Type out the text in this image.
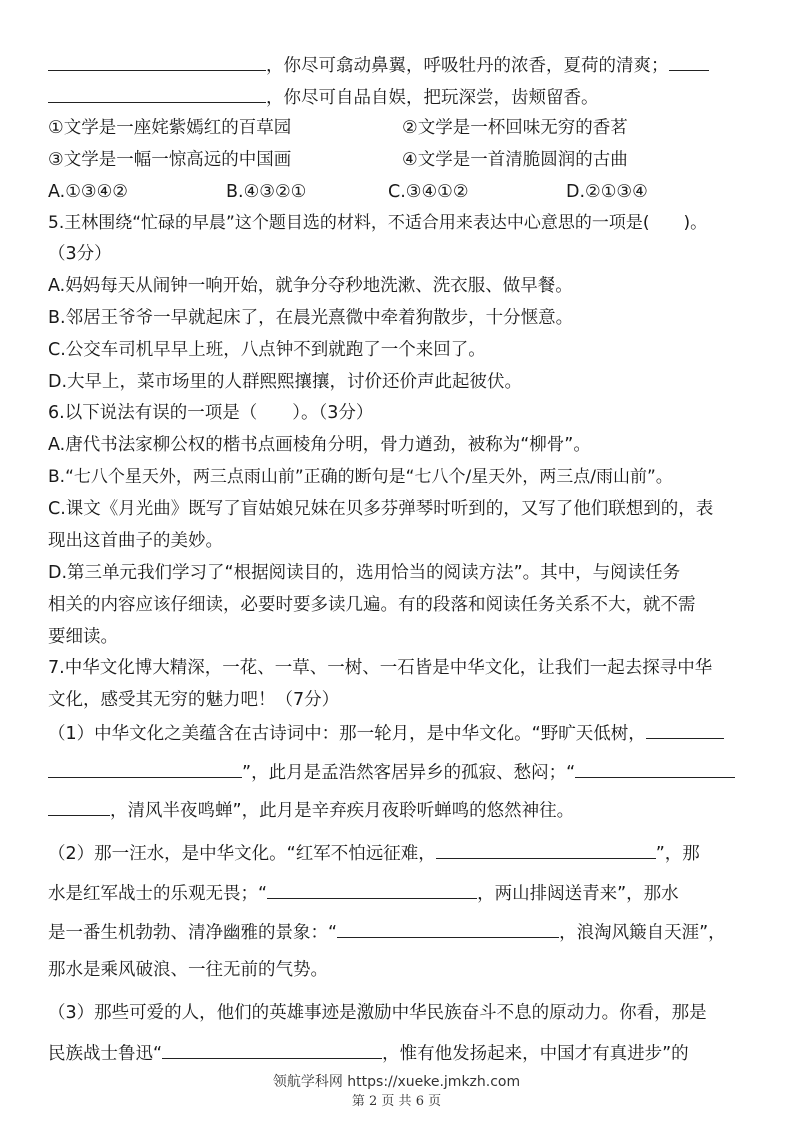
，你尽可翕动鼻翼，呼吸牡丹的浓香，夏荷的清爽；
，你尽可自品自娱，把玩深尝，齿颊留香。
①文学是一座姹紫嫣红的百草园	②文学是一杯回味无穷的香茗
③文学是一幅一惊高远的中国画	④文学是一首清脆圆润的古曲
A.①③④②	B.④③②①	C.③④①②	D.②①③④
5.王林围绕“忙碌的早晨”这个题目选的材料，不适合用来表达中心意思的一项是(　　)。
（3分）
A.妈妈每天从闹钟一响开始，就争分夺秒地洗漱、洗衣服、做早餐。
B.邻居王爷爷一早就起床了，在晨光熹微中牵着狗散步，十分惬意。
C.公交车司机早早上班，八点钟不到就跑了一个来回了。
D.大早上，菜市场里的人群熙熙攘攘，讨价还价声此起彼伏。
6.以下说法有误的一项是（　　）。（3分）
A.唐代书法家柳公权的楷书点画棱角分明，骨力遒劲，被称为“柳骨”。
B.“七八个星天外，两三点雨山前”正确的断句是“七八个/星天外，两三点/雨山前”。
C.课文《月光曲》既写了盲姑娘兄妹在贝多芬弹琴时听到的，又写了他们联想到的，表
现出这首曲子的美妙。
D.第三单元我们学习了“根据阅读目的，选用恰当的阅读方法”。其中，与阅读任务
相关的内容应该仔细读，必要时要多读几遍。有的段落和阅读任务关系不大，就不需
要细读。
7.中华文化博大精深，一花、一草、一树、一石皆是中华文化，让我们一起去探寻中华
文化，感受其无穷的魅力吧！（7分）
（1）中华文化之美蕴含在古诗词中：那一轮月，是中华文化。“野旷天低树，
”，此月是孟浩然客居异乡的孤寂、愁闷；“
，清风半夜鸣蝉”，此月是辛弃疾月夜聆听蝉鸣的悠然神往。
（2）那一汪水，是中华文化。“红军不怕远征难，	”，那
水是红军战士的乐观无畏；“	，两山排闼送青来”，那水
是一番生机勃勃、清净幽雅的景象：“	，浪淘风簸自天涯”，
那水是乘风破浪、一往无前的气势。
（3）那些可爱的人，他们的英雄事迹是激励中华民族奋斗不息的原动力。你看，那是
民族战士鲁迅“	，惟有他发扬起来，中国才有真进步”的
领航学科网 https://xueke.jmkzh.com
第 2 页 共 6 页
